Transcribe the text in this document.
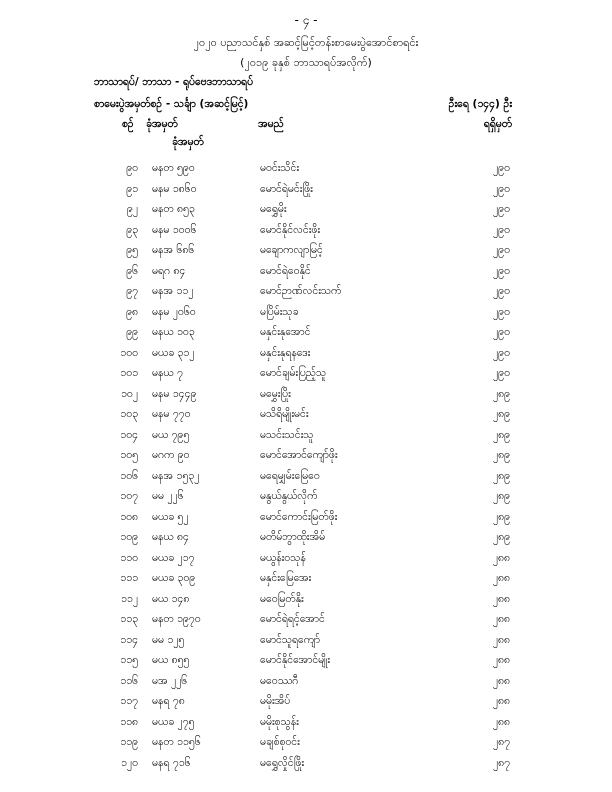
- ၄ -
၂၀၂၀ ပညာသင်နှစ် အဆင့်မြင့်တန်းစာမေးပွဲအောင်စာရင်း
(၂၀၁၉ ခုနှစ် ဘာသာရပ်အလိုက်)
ဘာသာရပ်/ ဘာသာ - ရုပ်ဗေဒဘာသာရပ်
စာမေးပွဲအမှတ်စဉ် - သင်္ချာ (အဆင့်မြင့်)	ဦးရေ (၁၄၄) ဦး
စဉ် ခုံအမှတ်
ခုံအမှတ်
အမည်	ရရှိမှတ်
၉၀ မနတ ၅၉၀	မဝင်းသိင်း	၂၉၀
၉၁ မနမ ၁၈၆၀	မောင်ရဲမင်းဖြိုး	၂၉၀
၉၂ မနတ ၈၅၃	မရွှေမိုး	၂၉၀
၉၃ မနမ ၁၀၀၆	မောင်နိုင်လင်းဖိုး	၂၉၀
၉၅ မနအ ၆၈၆	မချောကလျာမြင့်	၂၉၀
၉၆ မရဂ ၈၄	မောင်ရဲဝေနိုင်	၂၉၀
၉၇ မနအ ၁၁၂	မောင်ဉာဏ်လင်းသက်	၂၉၀
၉၈ မနမ ၂၀၆၀	မပြိမ်းသုခ	၂၉၀
၉၉ မနယ ၁၀၃	မနှင်းနုအောင်	၂၉၀
၁၀၀ မယခ ၃၁၂	မနှင်းနုရနဒေး	၂၉၀
၁၀၁ မနယ ၇	မောင်ချမ်းပြည့်သူ	၂၉၀
၁၀၂ မနမ ၁၄၄၉	မမွှေးပြိုး	၂၈၉
၁၀၃ မနမ ၇၇၀	မသိရိမျိုးမင်း	၂၈၉
၁၀၄ မယ ၇၉၅	မသင်းသင်းသူ	၂၈၉
၁၀၅ မဂက ၉၀	မောင်အောင်ကျော်ဖိုး	၂၈၉
၁၀၆ မနအ ၁၅၃၂	မရေမျှမ်းမြေဝေ	၂၈၉
၁၀၇ မမ ၂၂၆	မနွယ်နွယ်လိုက်	၂၈၉
၁၀၈ မယခ ၅၂	မောင်ကောင်းမြတ်ဖိုး	၂၈၉
၁၀၉ မနယ ၈၄	မတိမ်ဘွာထိုးအိမ်	၂၈၉
၁၁၀ မယခ ၂၁၇	မယွန်းဝသုန်	၂၈၈
၁၁၁ မယခ ၃၀၉	မနှင်းမြေအေး	၂၈၈
၁၁၂ မယ ၁၄၈	မဝေမြတ်နိုး	၂၈၈
၁၁၃ မနတ ၁၉၇၀	မောင်ရဲရင့်အောင်	၂၈၈
၁၁၄ မမ ၁၂၅	မောင်သူရကျော်	၂၈၈
၁၁၅ မယ ၈၅၅	မောင်နိုင်အောင်မျိုး	၂၈၈
၁၁၆ မအ ၂၂၆	မဝေဿဂီ	၂၈၈
၁၁၇ မနရ ၇၈	မမိုးအိပ်	၂၈၈
၁၁၈ မယခ ၂၇၅	မမိုးစုသွန်း	၂၈၈
၁၁၉ မနတ ၁၁၅၆	မချစ်စုဝင်း	၂၈၇
၁၂၀ မနရ ၇၁၆	မရွှေလှိုင်ဖြိုး	၂၈၇
